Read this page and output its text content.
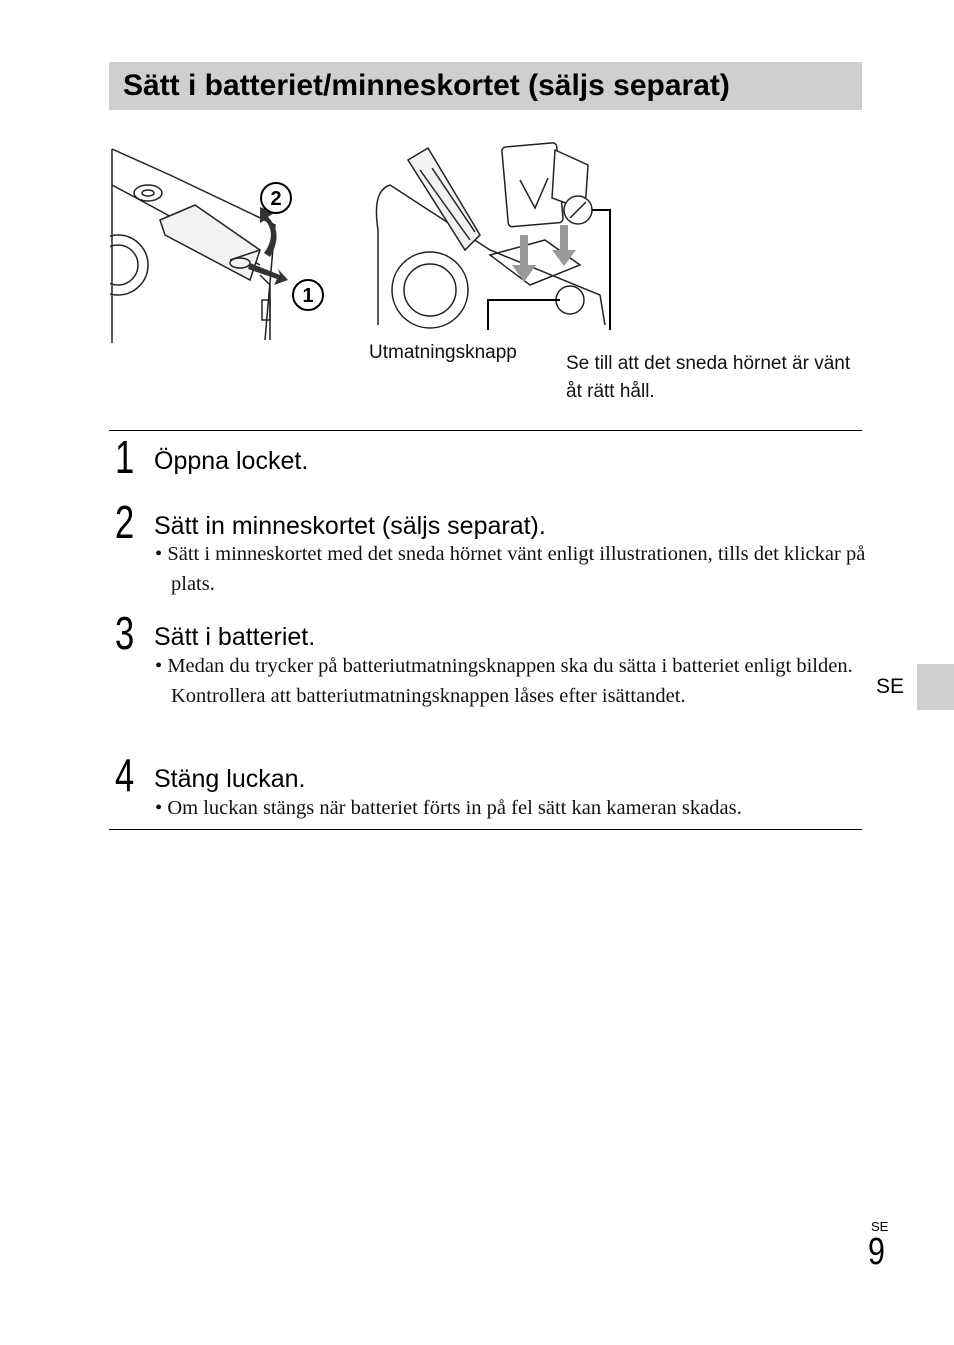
Sätt i batteriet/minneskortet (säljs separat)
2
1
Utmatningsknapp
Se till att det sneda hörnet är vänt åt rätt håll.
1 Öppna locket.
2 Sätt in minneskortet (säljs separat).
• Sätt i minneskortet med det sneda hörnet vänt enligt illustrationen, tills det klickar på plats.
3 Sätt i batteriet.
• Medan du trycker på batteriutmatningsknappen ska du sätta i batteriet enligt bilden. Kontrollera att batteriutmatningsknappen låses efter isättandet.
4 Stäng luckan.
• Om luckan stängs när batteriet förts in på fel sätt kan kameran skadas.
SE
SE
9
